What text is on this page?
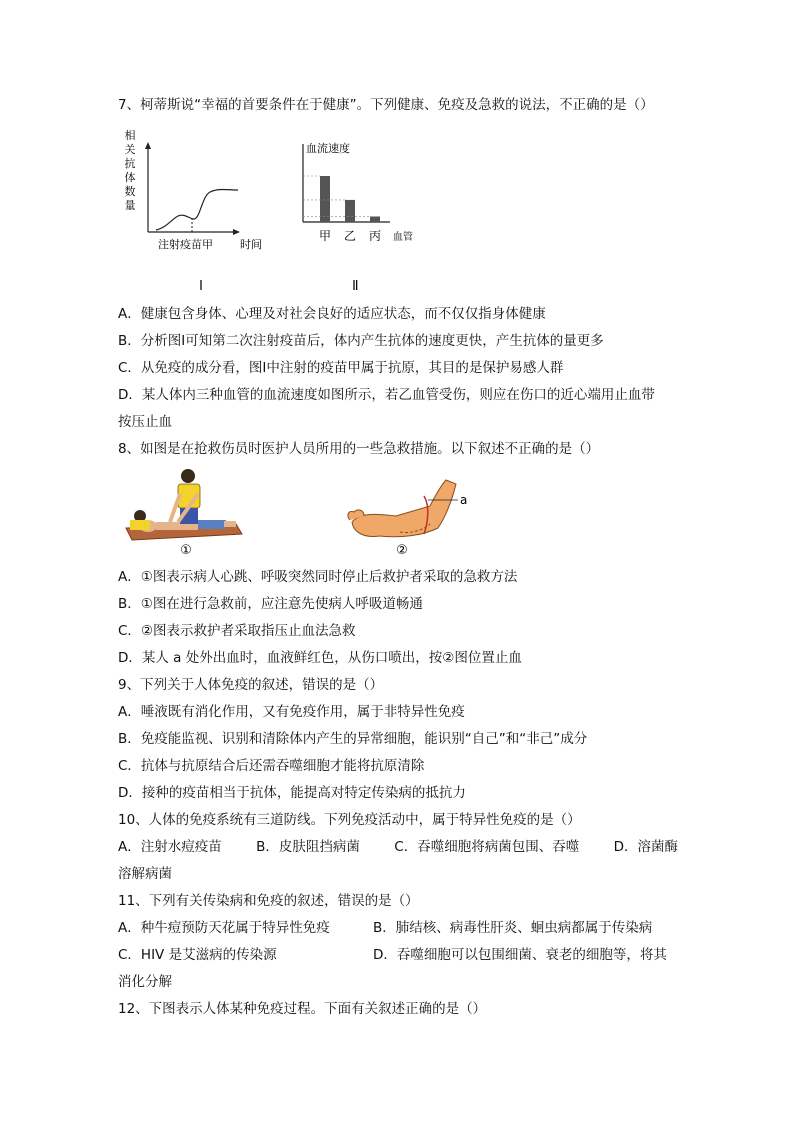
7、柯蒂斯说“幸福的首要条件在于健康”。下列健康、免疫及急救的说法，不正确的是（）
相
关
抗
体
数
量
注射疫苗甲 时间
Ⅰ
血流速度
甲 乙 丙 血管
Ⅱ
A．健康包含身体、心理及对社会良好的适应状态，而不仅仅指身体健康
B．分析图Ⅰ可知第二次注射疫苗后，体内产生抗体的速度更快，产生抗体的量更多
C．从免疫的成分看，图Ⅰ中注射的疫苗甲属于抗原，其目的是保护易感人群
D．某人体内三种血管的血流速度如图所示，若乙血管受伤，则应在伤口的近心端用止血带
按压止血
8、如图是在抢救伤员时医护人员所用的一些急救措施。以下叙述不正确的是（）
①
a
②
A．①图表示病人心跳、呼吸突然同时停止后救护者采取的急救方法
B．①图在进行急救前，应注意先使病人呼吸道畅通
C．②图表示救护者采取指压止血法急救
D．某人 a 处外出血时，血液鲜红色，从伤口喷出，按②图位置止血
9、下列关于人体免疫的叙述，错误的是（）
A．唾液既有消化作用，又有免疫作用，属于非特异性免疫
B．免疫能监视、识别和清除体内产生的异常细胞，能识别“自己”和“非己”成分
C．抗体与抗原结合后还需吞噬细胞才能将抗原清除
D．接种的疫苗相当于抗体，能提高对特定传染病的抵抗力
10、人体的免疫系统有三道防线。下列免疫活动中，属于特异性免疫的是（）
A．注射水痘疫苗	B．皮肤阻挡病菌	C．吞噬细胞将病菌包围、吞噬	D．溶菌酶
溶解病菌
11、下列有关传染病和免疫的叙述，错误的是（）
A．种牛痘预防天花属于特异性免疫	B．肺结核、病毒性肝炎、蛔虫病都属于传染病
C．HIV 是艾滋病的传染源	D．吞噬细胞可以包围细菌、衰老的细胞等，将其
消化分解
12、下图表示人体某种免疫过程。下面有关叙述正确的是（）
